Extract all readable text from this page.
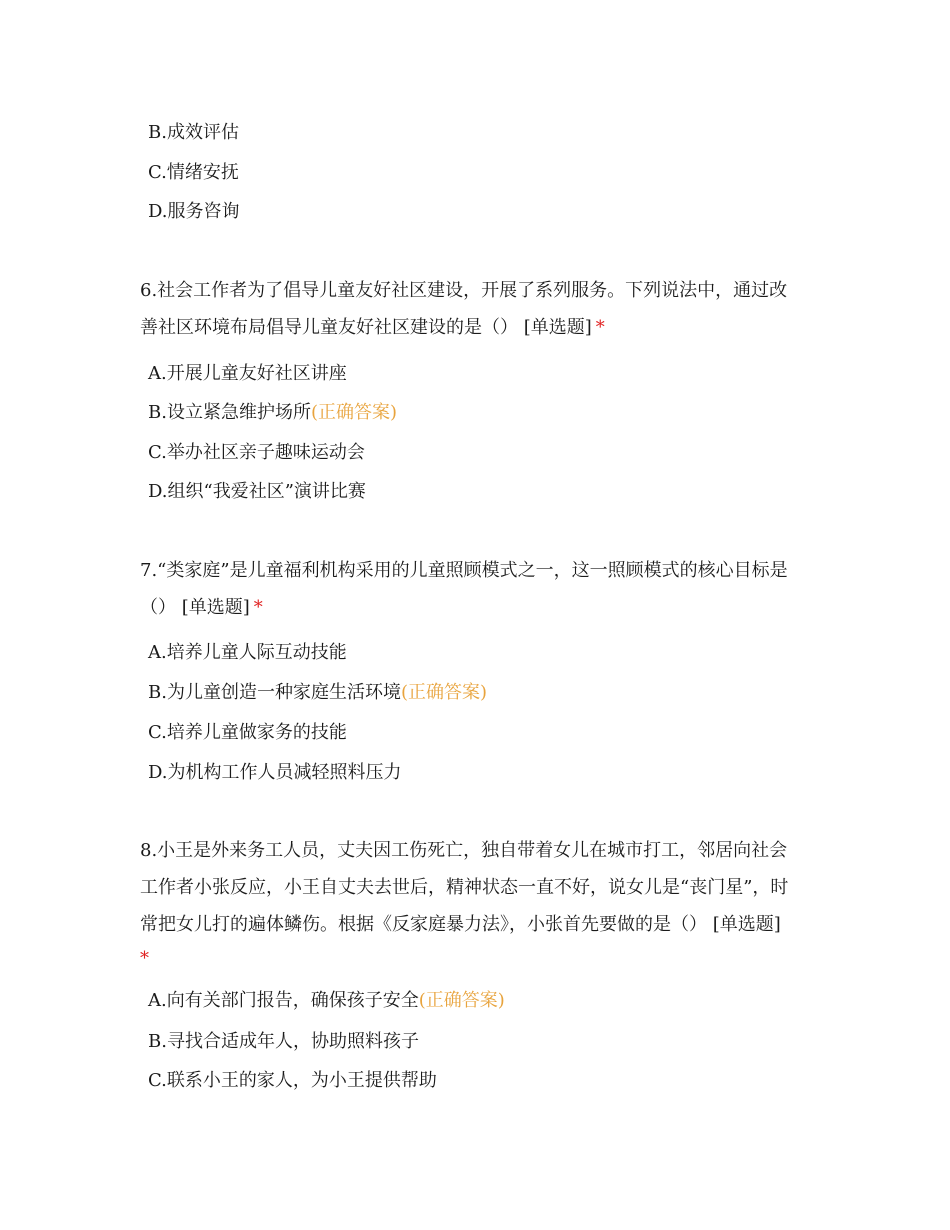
B.成效评估
C.情绪安抚
D.服务咨询
6.社会工作者为了倡导儿童友好社区建设，开展了系列服务。下列说法中，通过改
善社区环境布局倡导儿童友好社区建设的是（） [单选题] *
A.开展儿童友好社区讲座
B.设立紧急维护场所(正确答案)
C.举办社区亲子趣味运动会
D.组织“我爱社区”演讲比赛
7.“类家庭”是儿童福利机构采用的儿童照顾模式之一，这一照顾模式的核心目标是
（） [单选题] *
A.培养儿童人际互动技能
B.为儿童创造一种家庭生活环境(正确答案)
C.培养儿童做家务的技能
D.为机构工作人员减轻照料压力
8.小王是外来务工人员，丈夫因工伤死亡，独自带着女儿在城市打工，邻居向社会
工作者小张反应，小王自丈夫去世后，精神状态一直不好，说女儿是“丧门星”，时
常把女儿打的遍体鳞伤。根据《反家庭暴力法》，小张首先要做的是（） [单选题]
*
A.向有关部门报告，确保孩子安全(正确答案)
B.寻找合适成年人，协助照料孩子
C.联系小王的家人，为小王提供帮助
